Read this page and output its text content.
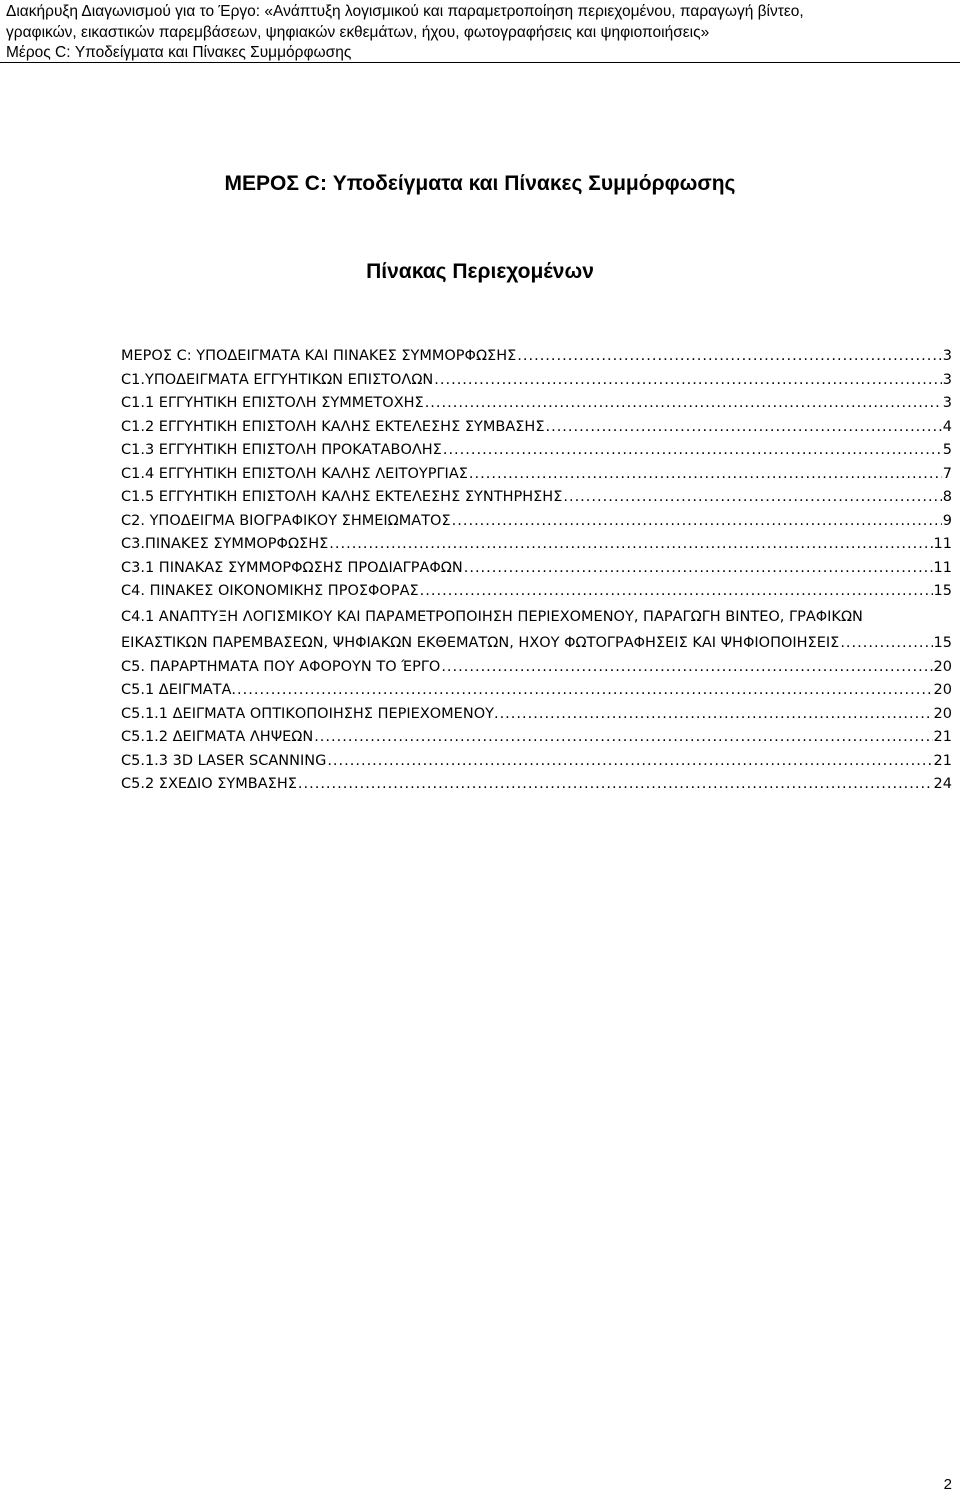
Διακήρυξη Διαγωνισμού για το Έργο: «Ανάπτυξη λογισμικού και παραμετροποίηση περιεχομένου, παραγωγή βίντεο,
γραφικών, εικαστικών παρεμβάσεων, ψηφιακών εκθεμάτων, ήχου, φωτογραφήσεις και ψηφιοποιήσεις»
Μέρος C: Υποδείγματα και Πίνακες Συμμόρφωσης
ΜΕΡΟΣ C: Υποδείγματα και Πίνακες Συμμόρφωσης
Πίνακας Περιεχομένων
ΜΕΡΟΣ C: ΥΠΟΔΕΙΓΜΑΤΑ ΚΑΙ ΠΙΝΑΚΕΣ ΣΥΜΜΟΡΦΩΣΗΣ .....	3
C1.ΥΠΟΔΕΙΓΜΑΤΑ ΕΓΓΥΗΤΙΚΩΝ ΕΠΙΣΤΟΛΩΝ .....	3
C1.1 ΕΓΓΥΗΤΙΚΗ ΕΠΙΣΤΟΛΗ ΣΥΜΜΕΤΟΧΗΣ .....	3
C1.2 ΕΓΓΥΗΤΙΚΗ ΕΠΙΣΤΟΛΗ ΚΑΛΗΣ ΕΚΤΕΛΕΣΗΣ ΣΥΜΒΑΣΗΣ .....	4
C1.3 ΕΓΓΥΗΤΙΚΗ ΕΠΙΣΤΟΛΗ ΠΡΟΚΑΤΑΒΟΛΗΣ .....	5
C1.4 ΕΓΓΥΗΤΙΚΗ ΕΠΙΣΤΟΛΗ ΚΑΛΗΣ ΛΕΙΤΟΥΡΓΙΑΣ .....	7
C1.5 ΕΓΓΥΗΤΙΚΗ ΕΠΙΣΤΟΛΗ ΚΑΛΗΣ ΕΚΤΕΛΕΣΗΣ ΣΥΝΤΗΡΗΣΗΣ .....	8
C2. ΥΠΟΔΕΙΓΜΑ ΒΙΟΓΡΑΦΙΚΟΥ ΣΗΜΕΙΩΜΑΤΟΣ .....	9
C3.ΠΙΝΑΚΕΣ ΣΥΜΜΟΡΦΩΣΗΣ .....	11
C3.1 ΠΙΝΑΚΑΣ ΣΥΜΜΟΡΦΩΣΗΣ ΠΡΟΔΙΑΓΡΑΦΩΝ .....	11
C4. ΠΙΝΑΚΕΣ ΟΙΚΟΝΟΜΙΚΗΣ ΠΡΟΣΦΟΡΑΣ .....	15
C4.1 ΑΝΑΠΤΥΞΗ ΛΟΓΙΣΜΙΚΟΥ ΚΑΙ ΠΑΡΑΜΕΤΡΟΠΟΙΗΣΗ ΠΕΡΙΕΧΟΜΕΝΟΥ, ΠΑΡΑΓΩΓΗ ΒΙΝΤΕΟ, ΓΡΑΦΙΚΩΝ
ΕΙΚΑΣΤΙΚΩΝ ΠΑΡΕΜΒΑΣΕΩΝ, ΨΗΦΙΑΚΩΝ ΕΚΘΕΜΑΤΩΝ, ΗΧΟΥ ΦΩΤΟΓΡΑΦΗΣΕΙΣ ΚΑΙ ΨΗΦΙΟΠΟΙΗΣΕΙΣ .....	15
C5. ΠΑΡΑΡΤΗΜΑΤΑ ΠΟΥ ΑΦΟΡΟΥΝ ΤΟ ΈΡΓΟ .....	20
C5.1 ΔΕΙΓΜΑΤΑ. .....	20
C5.1.1 ΔΕΙΓΜΑΤΑ ΟΠΤΙΚΟΠΟΙΗΣΗΣ ΠΕΡΙΕΧΟΜΕΝΟΥ. .....	20
C5.1.2 ΔΕΙΓΜΑΤΑ ΛΗΨΕΩΝ .....	21
C5.1.3 3D LASER SCANNING .....	21
C5.2 ΣΧΕΔΙΟ ΣΥΜΒΑΣΗΣ .....	24
2
